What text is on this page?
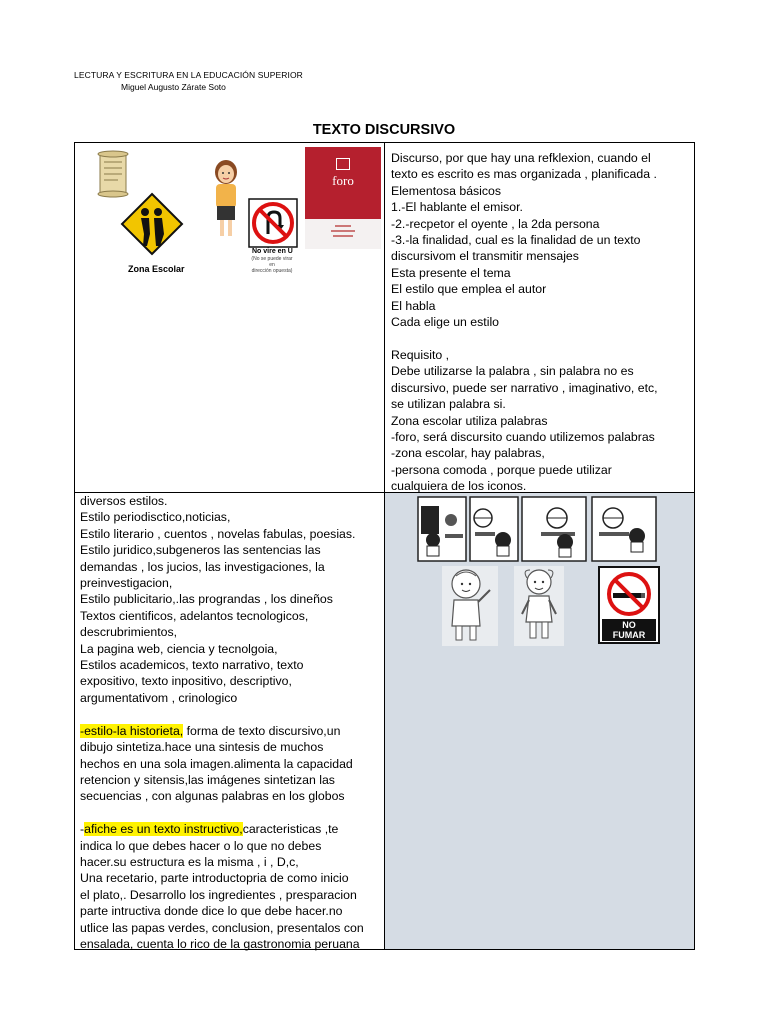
LECTURA Y ESCRITURA EN LA EDUCACIÓN SUPERIOR
Miguel Augusto Zárate Soto
TEXTO DISCURSIVO
Zona Escolar
No vire en U
(No se puede virar en
dirección opuesta)
foro
Discurso, por que hay una refklexion, cuando el
texto es escrito es mas organizada , planificada .
Elementosa básicos
1.-El hablante el emisor.
-2.-recpetor el oyente , la 2da persona
-3.-la finalidad, cual es la finalidad de un texto
discursivom el transmitir mensajes
Esta presente el tema
El estilo que emplea el autor
El habla
Cada elige un estilo

Requisito ,
Debe utilizarse la palabra , sin palabra no es
discursivo, puede ser narrativo , imaginativo, etc,
se utilizan palabra si.
Zona escolar utiliza palabras
-foro, será discursito cuando utilizemos palabras
-zona escolar, hay palabras,
-persona comoda , porque puede utilizar
cualquiera de los iconos.
diversos estilos.
Estilo periodisctico,noticias,
Estilo literario , cuentos , novelas fabulas, poesias.
Estilo juridico,subgeneros las sentencias las
demandas , los jucios, las investigaciones, la
preinvestigacion,
Estilo publicitario,.las prograndas , los dineños
Textos cientificos, adelantos tecnologicos,
descrubrimientos,
La pagina web, ciencia y tecnolgoia,
Estilos academicos, texto narrativo, texto
expositivo, texto inpositivo, descriptivo,
argumentativom , crinologico

-estilo-la historieta, forma de texto discursivo,un
dibujo sintetiza.hace una sintesis de muchos
hechos en una sola imagen.alimenta la capacidad
retencion y sitensis,las imágenes sintetizan las
secuencias , con algunas palabras en los globos

-afiche es un texto instructivo,caracteristicas ,te
indica lo que debes hacer o lo que no debes
hacer.su estructura es la misma , i , D,c,
Una recetario, parte introductopria de como inicio
el plato,. Desarrollo los ingredientes , presparacion
parte intructiva donde dice lo que debe hacer.no
utlice las papas verdes, conclusion, presentalos con
ensalada, cuenta lo rico de la gastronomia peruana
NO
FUMAR
